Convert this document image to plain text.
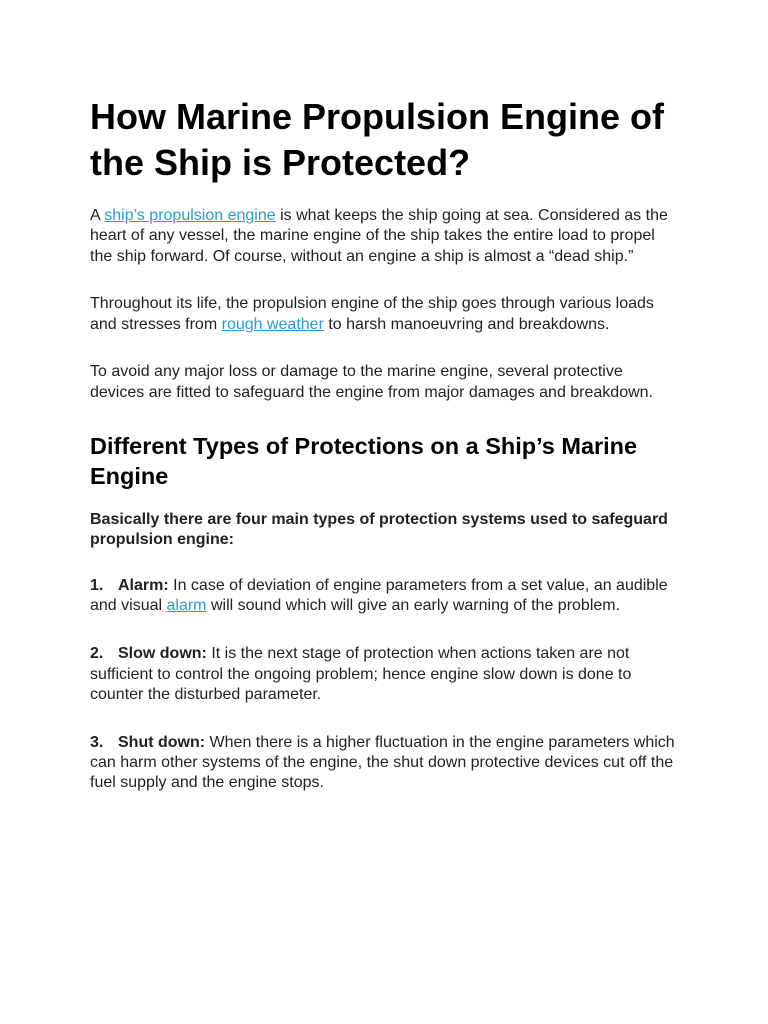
How Marine Propulsion Engine of the Ship is Protected?

A ship’s propulsion engine is what keeps the ship going at sea. Considered as the heart of any vessel, the marine engine of the ship takes the entire load to propel the ship forward. Of course, without an engine a ship is almost a “dead ship.”

Throughout its life, the propulsion engine of the ship goes through various loads and stresses from rough weather to harsh manoeuvring and breakdowns.

To avoid any major loss or damage to the marine engine, several protective devices are fitted to safeguard the engine from major damages and breakdown.

Different Types of Protections on a Ship’s Marine Engine

Basically there are four main types of protection systems used to safeguard propulsion engine:

1. Alarm: In case of deviation of engine parameters from a set value, an audible and visual alarm will sound which will give an early warning of the problem.

2. Slow down: It is the next stage of protection when actions taken are not sufficient to control the ongoing problem; hence engine slow down is done to counter the disturbed parameter.

3. Shut down: When there is a higher fluctuation in the engine parameters which can harm other systems of the engine, the shut down protective devices cut off the fuel supply and the engine stops.
